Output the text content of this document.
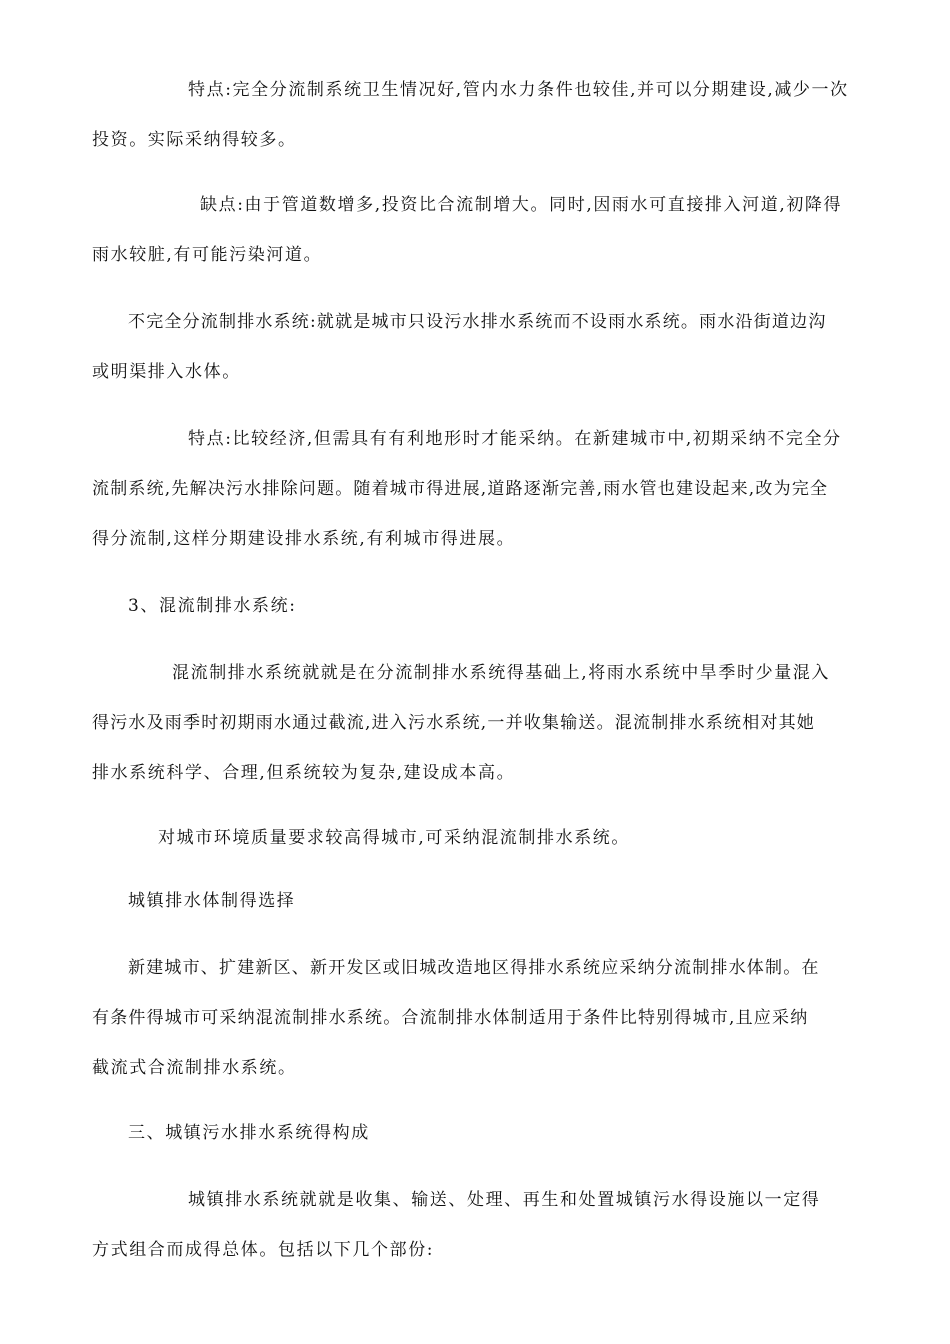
特点:完全分流制系统卫生情况好,管内水力条件也较佳,并可以分期建设,减少一次
投资。实际采纳得较多。
缺点:由于管道数增多,投资比合流制增大。同时,因雨水可直接排入河道,初降得
雨水较脏,有可能污染河道。
不完全分流制排水系统:就就是城市只设污水排水系统而不设雨水系统。雨水沿街道边沟
或明渠排入水体。
特点:比较经济,但需具有有利地形时才能采纳。在新建城市中,初期采纳不完全分
流制系统,先解决污水排除问题。随着城市得进展,道路逐渐完善,雨水管也建设起来,改为完全
得分流制,这样分期建设排水系统,有利城市得进展。
3、混流制排水系统:
混流制排水系统就就是在分流制排水系统得基础上,将雨水系统中旱季时少量混入
得污水及雨季时初期雨水通过截流,进入污水系统,一并收集输送。混流制排水系统相对其她
排水系统科学、合理,但系统较为复杂,建设成本高。
对城市环境质量要求较高得城市,可采纳混流制排水系统。
城镇排水体制得选择
新建城市、扩建新区、新开发区或旧城改造地区得排水系统应采纳分流制排水体制。在
有条件得城市可采纳混流制排水系统。合流制排水体制适用于条件比特别得城市,且应采纳
截流式合流制排水系统。
三、城镇污水排水系统得构成
城镇排水系统就就是收集、输送、处理、再生和处置城镇污水得设施以一定得
方式组合而成得总体。包括以下几个部份:
